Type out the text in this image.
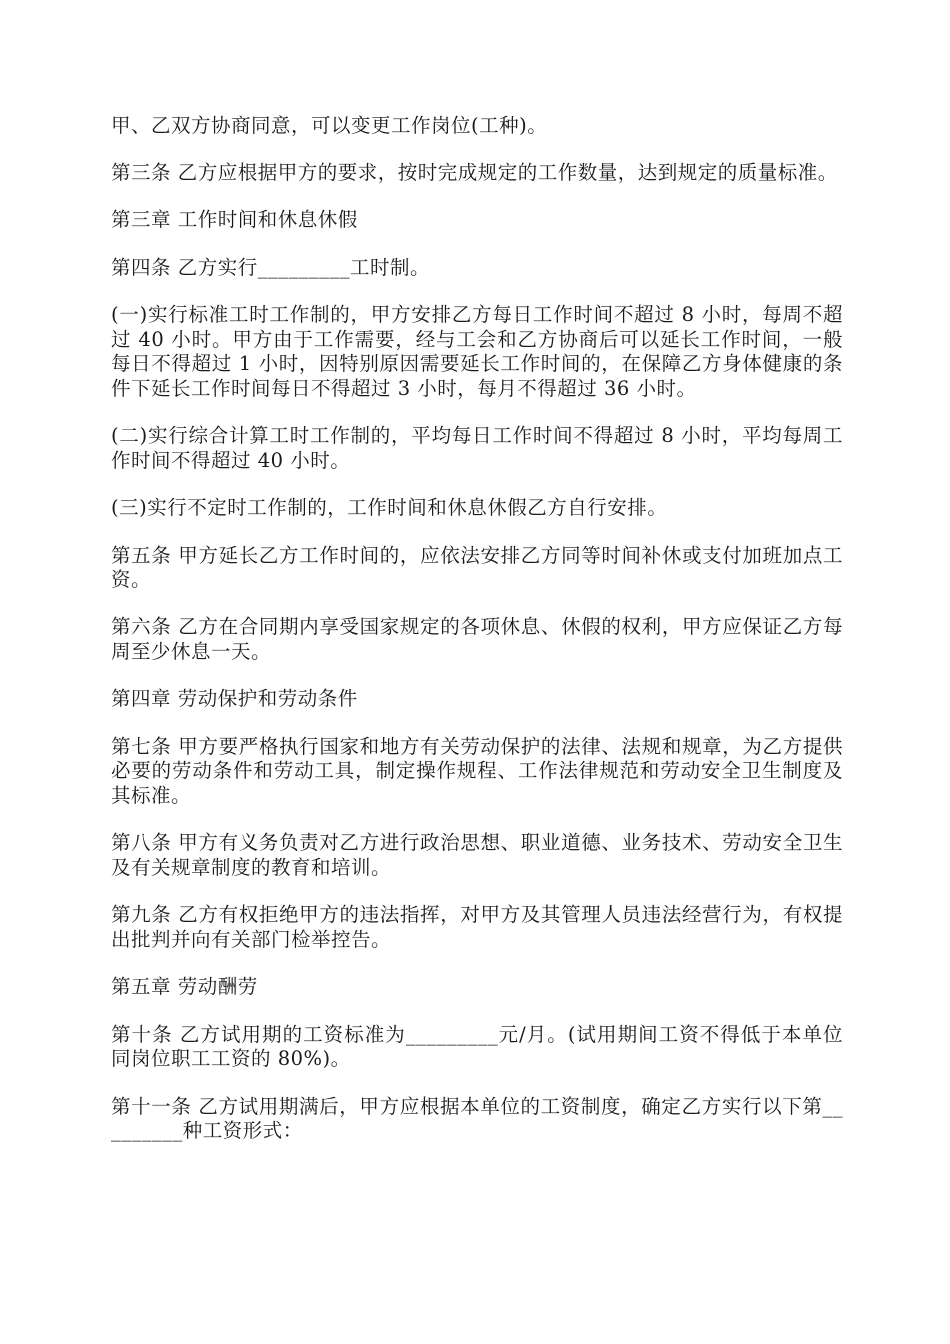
甲、乙双方协商同意，可以变更工作岗位(工种)。

第三条 乙方应根据甲方的要求，按时完成规定的工作数量，达到规定的质量标准。

第三章 工作时间和休息休假

第四条 乙方实行_________工时制。

(一)实行标准工时工作制的，甲方安排乙方每日工作时间不超过 8 小时，每周不超过 40 小时。甲方由于工作需要，经与工会和乙方协商后可以延长工作时间，一般每日不得超过 1 小时，因特别原因需要延长工作时间的，在保障乙方身体健康的条件下延长工作时间每日不得超过 3 小时，每月不得超过 36 小时。

(二)实行综合计算工时工作制的，平均每日工作时间不得超过 8 小时，平均每周工作时间不得超过 40 小时。

(三)实行不定时工作制的，工作时间和休息休假乙方自行安排。

第五条 甲方延长乙方工作时间的，应依法安排乙方同等时间补休或支付加班加点工资。

第六条 乙方在合同期内享受国家规定的各项休息、休假的权利，甲方应保证乙方每周至少休息一天。

第四章 劳动保护和劳动条件

第七条 甲方要严格执行国家和地方有关劳动保护的法律、法规和规章，为乙方提供必要的劳动条件和劳动工具，制定操作规程、工作法律规范和劳动安全卫生制度及其标准。

第八条 甲方有义务负责对乙方进行政治思想、职业道德、业务技术、劳动安全卫生及有关规章制度的教育和培训。

第九条 乙方有权拒绝甲方的违法指挥，对甲方及其管理人员违法经营行为，有权提出批判并向有关部门检举控告。

第五章 劳动酬劳

第十条 乙方试用期的工资标准为_________元/月。(试用期间工资不得低于本单位同岗位职工工资的 80%)。

第十一条 乙方试用期满后，甲方应根据本单位的工资制度，确定乙方实行以下第_________种工资形式：
